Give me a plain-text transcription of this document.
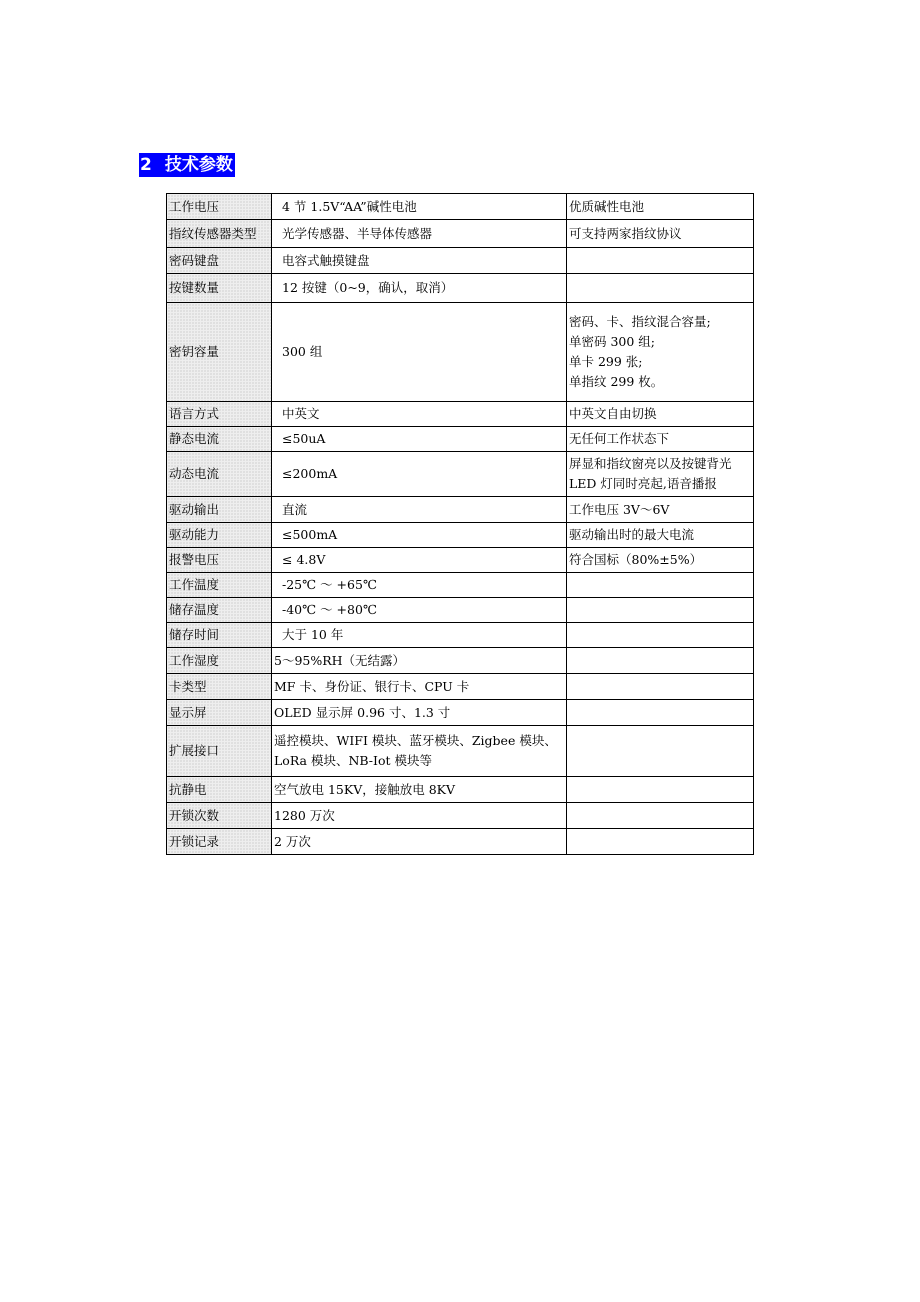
2 技术参数
工作电压	4 节 1.5V“AA”碱性电池	优质碱性电池

指纹传感器类型	光学传感器、半导体传感器	可支持两家指纹协议

密码键盘	电容式触摸键盘	
按键数量	12 按键（0~9，确认，取消）	
密钥容量	300 组	密码、卡、指纹混合容量;
单密码 300 组;
单卡 299 张;
单指纹 299 枚。

语言方式	中英文	中英文自由切换

静态电流	≤50uA	无任何工作状态下

动态电流	≤200mA	屏显和指纹窗亮以及按键背光
LED 灯同时亮起,语音播报

驱动输出	直流	工作电压 3V～6V

驱动能力	≤500mA	驱动输出时的最大电流

报警电压	≤ 4.8V	符合国标（80%±5%）

工作温度	-25℃ ～ +65℃	
储存温度	-40℃ ～ +80℃	
储存时间	大于 10 年	
工作湿度	5～95%RH（无结露）	
卡类型	MF 卡、身份证、银行卡、CPU 卡	
显示屏	OLED 显示屏 0.96 寸、1.3 寸	
扩展接口	遥控模块、WIFI 模块、蓝牙模块、Zigbee 模块、LoRa 模块、NB-Iot 模块等	
抗静电	空气放电 15KV，接触放电 8KV	
开锁次数	1280 万次	
开锁记录	2 万次	
